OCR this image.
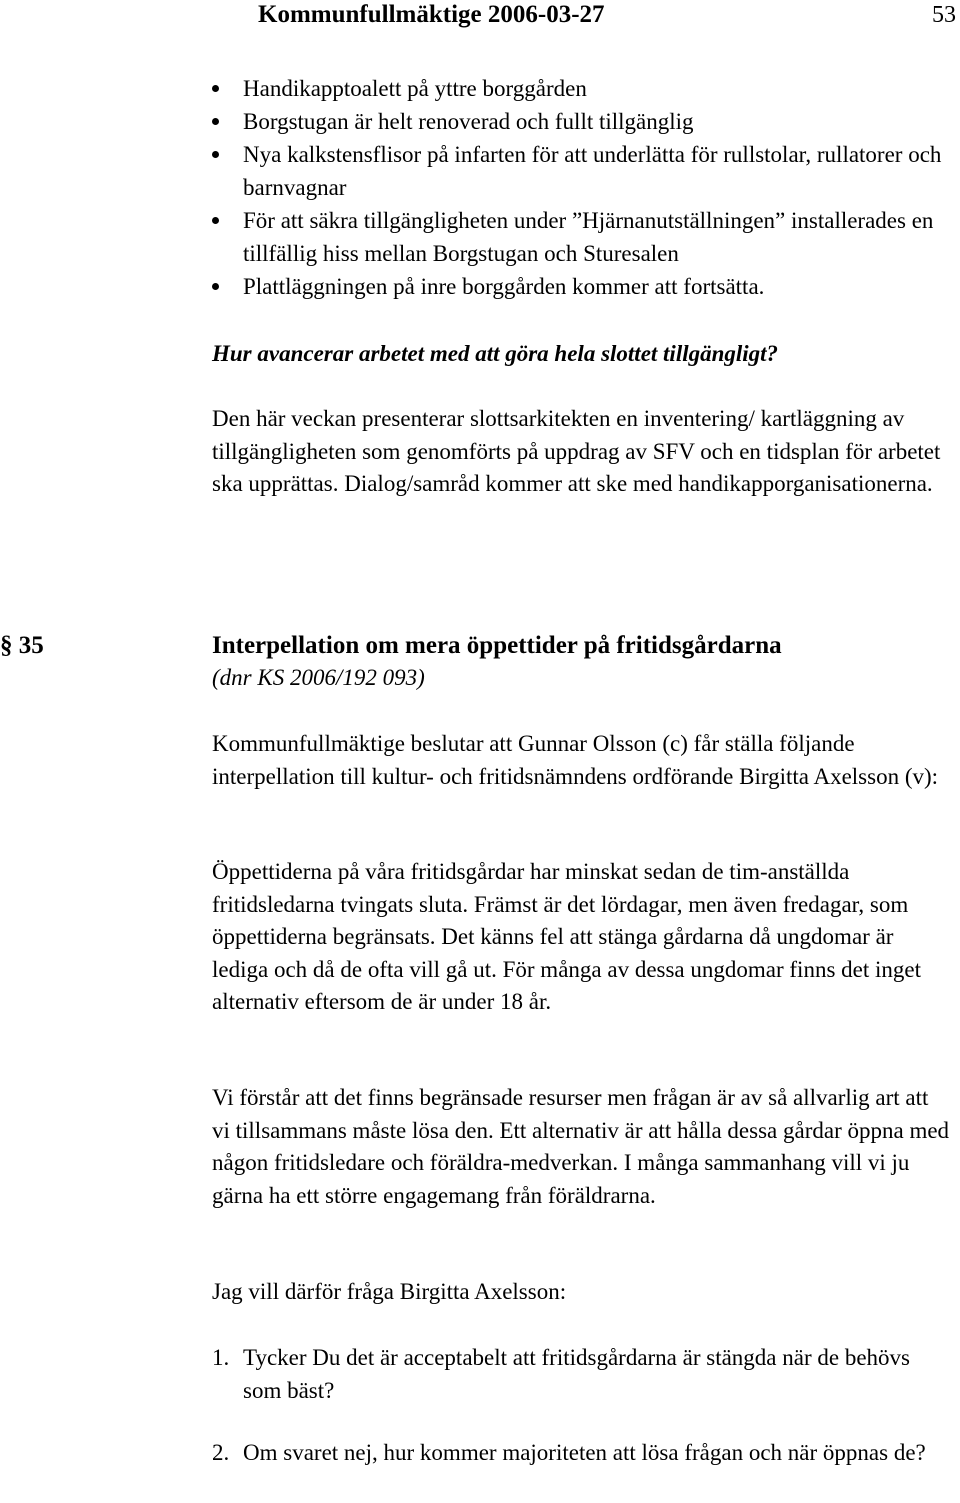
Kommunfullmäktige 2006-03-27	53
Handikapptoalett på yttre borggården
Borgstugan är helt renoverad och fullt tillgänglig
Nya kalkstensflisor på infarten för att underlätta för rullstolar, rullatorer och barnvagnar
För att säkra tillgängligheten under ”Hjärnanutställningen” installerades en tillfällig hiss mellan Borgstugan och Sturesalen
Plattläggningen på inre borggården kommer att fortsätta.
Hur avancerar arbetet med att göra hela slottet tillgängligt?

Den här veckan presenterar slottsarkitekten en inventering/ kartläggning av tillgängligheten som genomförts på uppdrag av SFV och en tidsplan för arbetet ska upprättas. Dialog/samråd kommer att ske med handikapporganisationerna.

§ 35	Interpellation om mera öppettider på fritidsgårdarna
(dnr KS 2006/192 093)

Kommunfullmäktige beslutar att Gunnar Olsson (c) får ställa följande interpellation till kultur- och fritidsnämndens ordförande Birgitta Axelsson (v):

Öppettiderna på våra fritidsgårdar har minskat sedan de tim-anställda fritidsledarna tvingats sluta. Främst är det lördagar, men även fredagar, som öppettiderna begränsats. Det känns fel att stänga gårdarna då ungdomar är lediga och då de ofta vill gå ut. För många av dessa ungdomar finns det inget alternativ eftersom de är under 18 år.

Vi förstår att det finns begränsade resurser men frågan är av så allvarlig art att vi tillsammans måste lösa den. Ett alternativ är att hålla dessa gårdar öppna med någon fritidsledare och föräldra-medverkan. I många sammanhang vill vi ju gärna ha ett större engagemang från föräldrarna.

Jag vill därför fråga Birgitta Axelsson:

1. Tycker Du det är acceptabelt att fritidsgårdarna är stängda när de behövs som bäst?
2. Om svaret nej, hur kommer majoriteten att lösa frågan och när öppnas de?
